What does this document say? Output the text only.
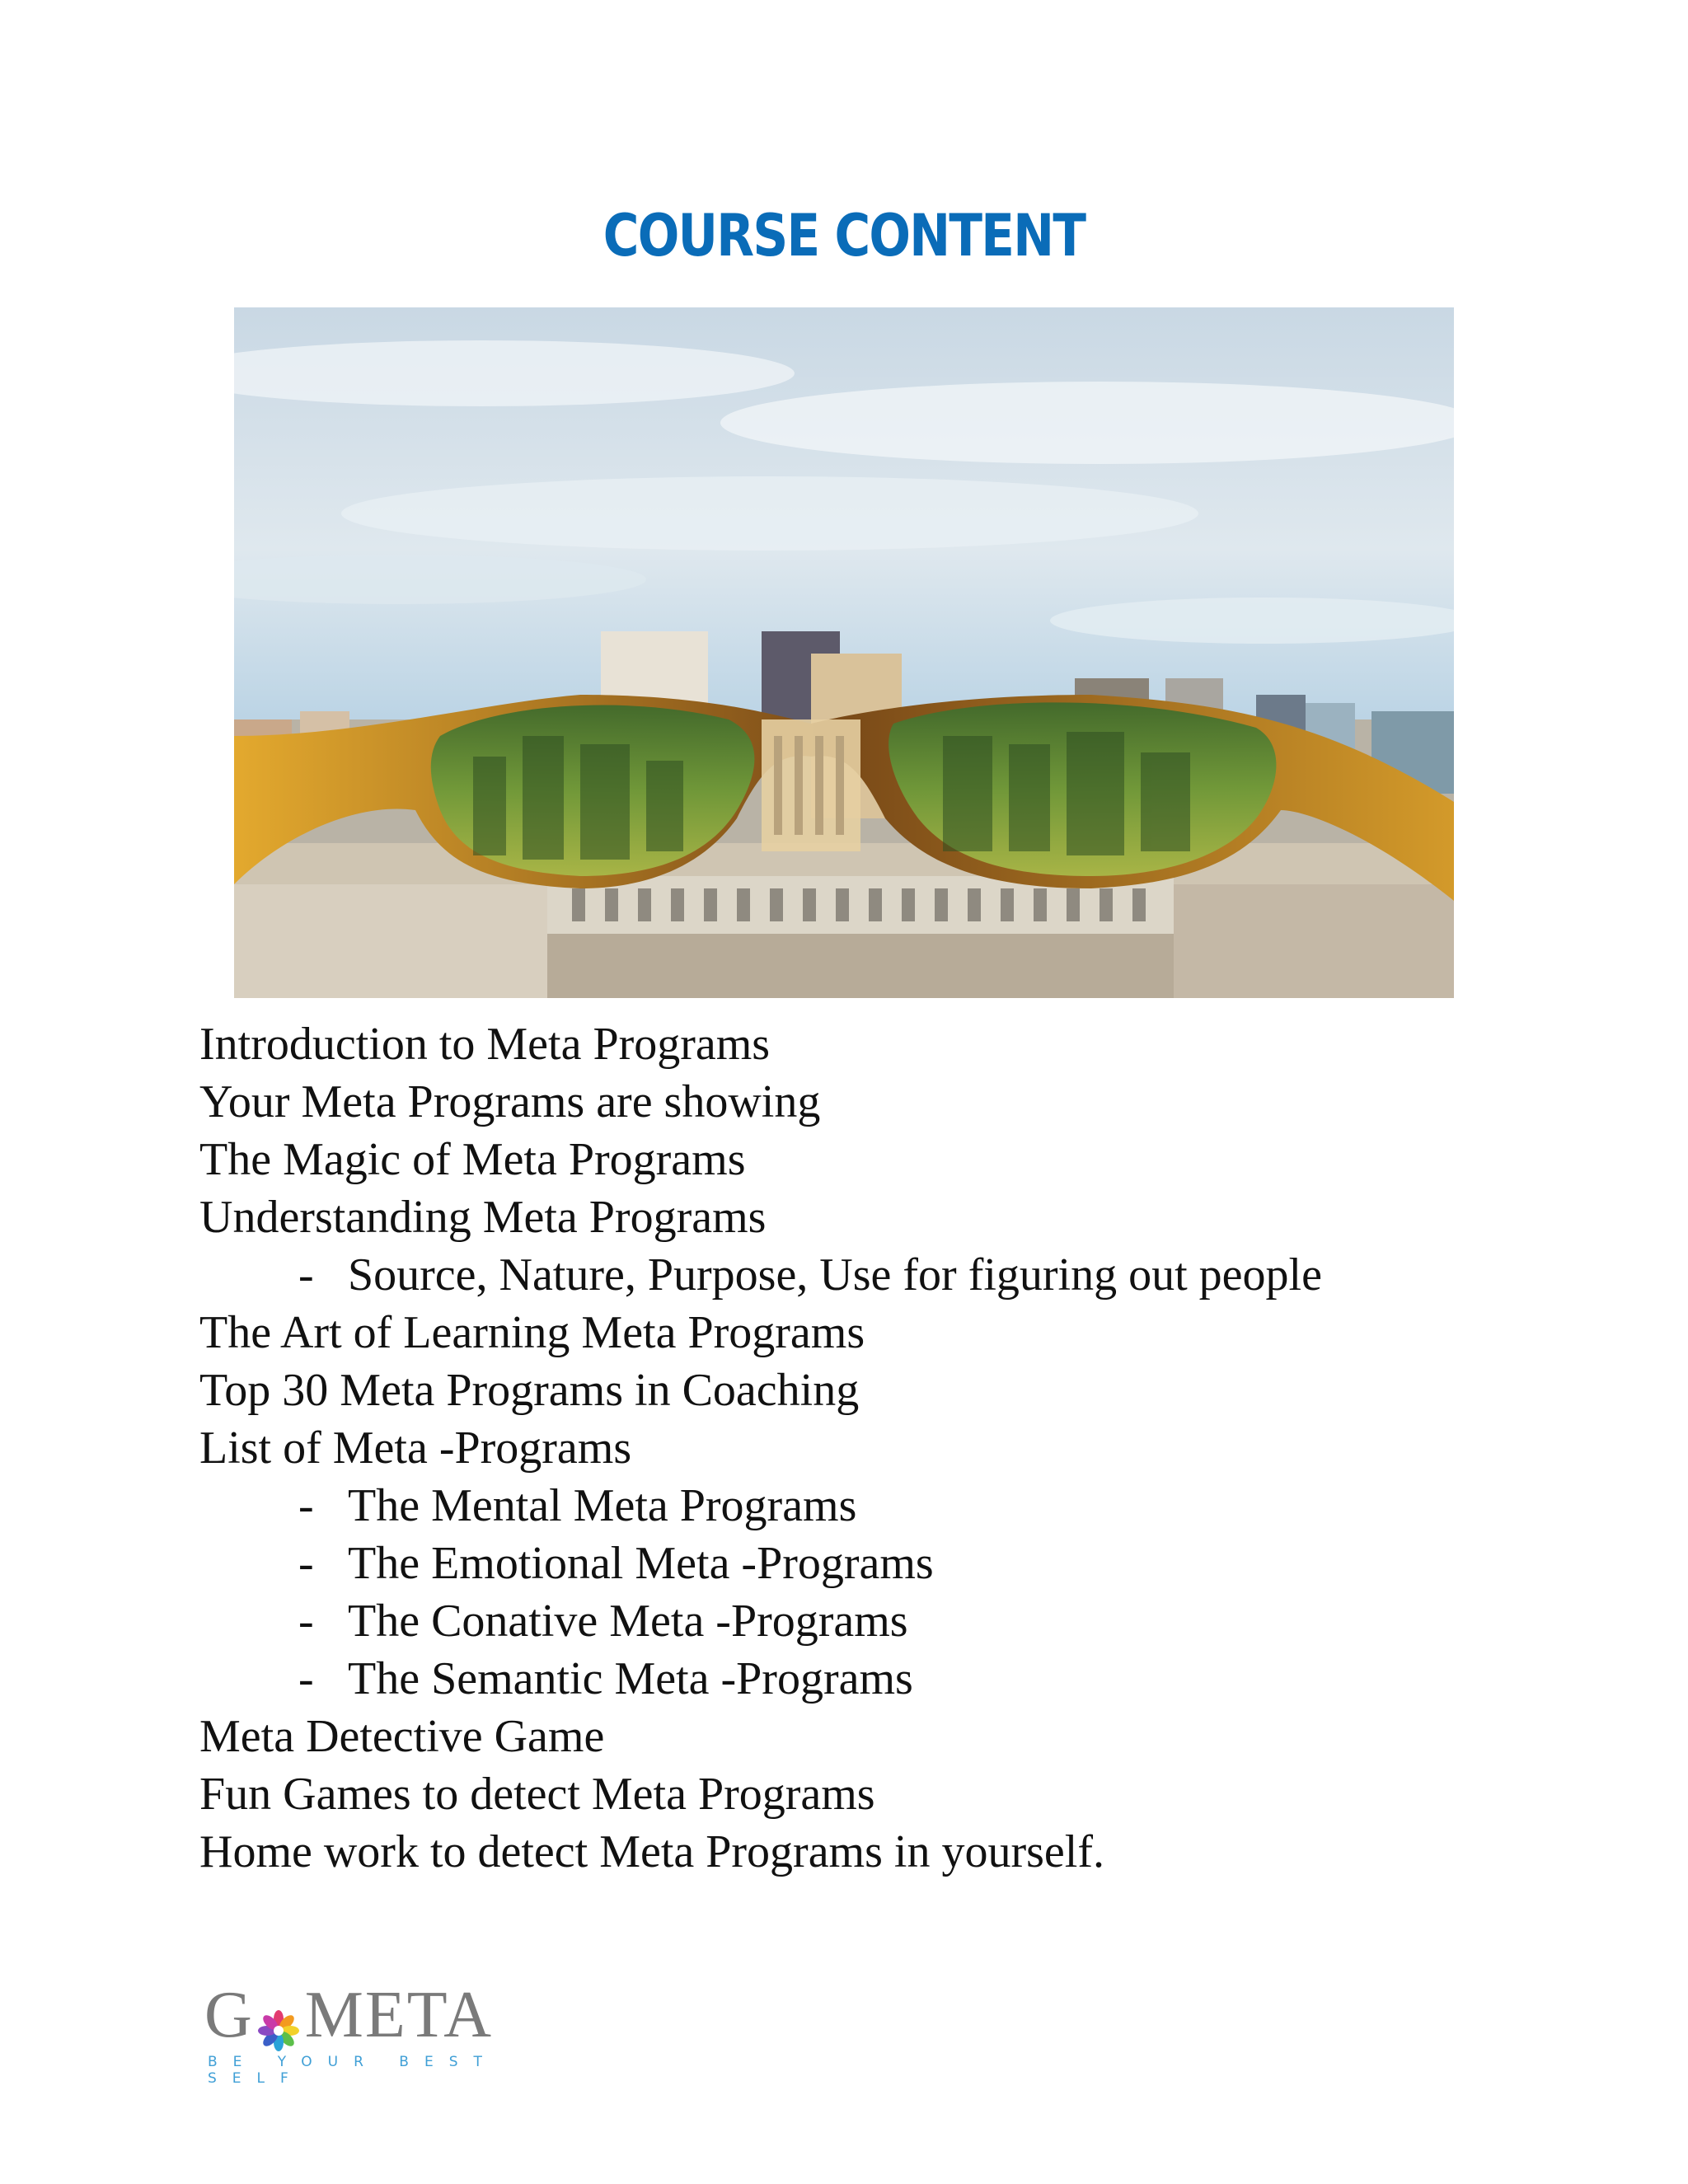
COURSE CONTENT
Introduction to Meta Programs
Your Meta Programs are showing
The Magic of Meta Programs
Understanding Meta Programs
- Source, Nature, Purpose, Use for figuring out people
The Art of Learning Meta Programs
Top 30 Meta Programs in Coaching
List of Meta -Programs
- The Mental Meta Programs
- The Emotional Meta -Programs
- The Conative Meta -Programs
- The Semantic Meta -Programs
Meta Detective Game
Fun Games to detect Meta Programs
Home work to detect Meta Programs in yourself.
G META
BE YOUR BEST SELF
